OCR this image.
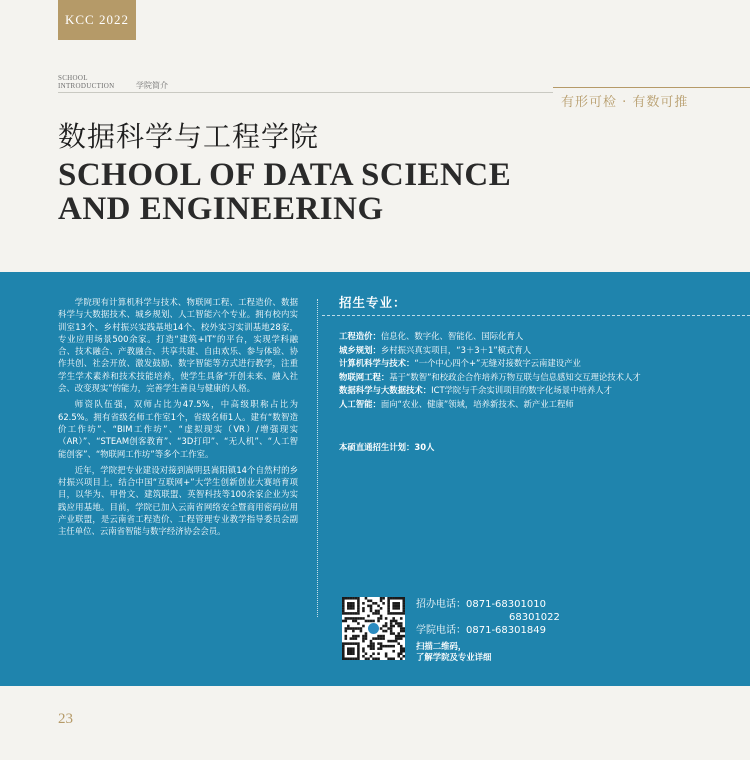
KCC 2022
SCHOOL
INTRODUCTION	学院简介
有形可检 · 有数可推
数据科学与工程学院
SCHOOL OF DATA SCIENCE
AND ENGINEERING

学院现有计算机科学与技术、物联网工程、工程造价、数据科学与大数据技术、城乡规划、人工智能六个专业。拥有校内实训室13个、乡村振兴实践基地14个、校外实习实训基地28家，专业应用场景500余家。打造“建筑+IT”的平台，实现学科融合、技术融合、产教融合、共享共建、自由欢乐、参与体验、协作共创、社会开放、激发鼓励、数字智能等方式进行教学，注重学生学术素养和技术技能培养，使学生具备“开创未来、融入社会、改变现实”的能力，完善学生善良与健康的人格。

师资队伍强，双师占比为47.5%，中高级职称占比为62.5%。拥有省级名师工作室1个，省级名师1人。建有“数智造价工作坊”、“BIM工作坊”、“虚拟现实（VR）/增强现实（AR）”、“STEAM创客教育”、“3D打印”、“无人机”、“人工智能创客”、“物联网工作坊”等多个工作室。

近年，学院把专业建设对接到嵩明县嵩阳镇14个自然村的乡村振兴项目上，结合中国“互联网+”大学生创新创业大赛培育项目，以华为、甲骨文、建筑联盟、英智科技等100余家企业为实践应用基地。目前，学院已加入云南省网络安全暨商用密码应用产业联盟，是云南省工程造价、工程管理专业教学指导委员会副主任单位、云南省智能与数字经济协会会员。

招生专业：
工程造价：信息化、数字化、智能化、国际化育人
城乡规划：乡村振兴真实项目，“3＋3＋1”模式育人
计算机科学与技术：“一个中心四个+”无缝对接数字云南建设产业
物联网工程：基于“数智”和校政企合作培养万物互联与信息感知交互理论技术人才
数据科学与大数据技术：ICT学院与千余实训项目的数字化场景中培养人才
人工智能：面向“农业、健康”领域，培养新技术、新产业工程师
本硕直通招生计划：30人
招办电话：0871-68301010
68301022
学院电话：0871-68301849
扫描二维码，
了解学院及专业详细
23
